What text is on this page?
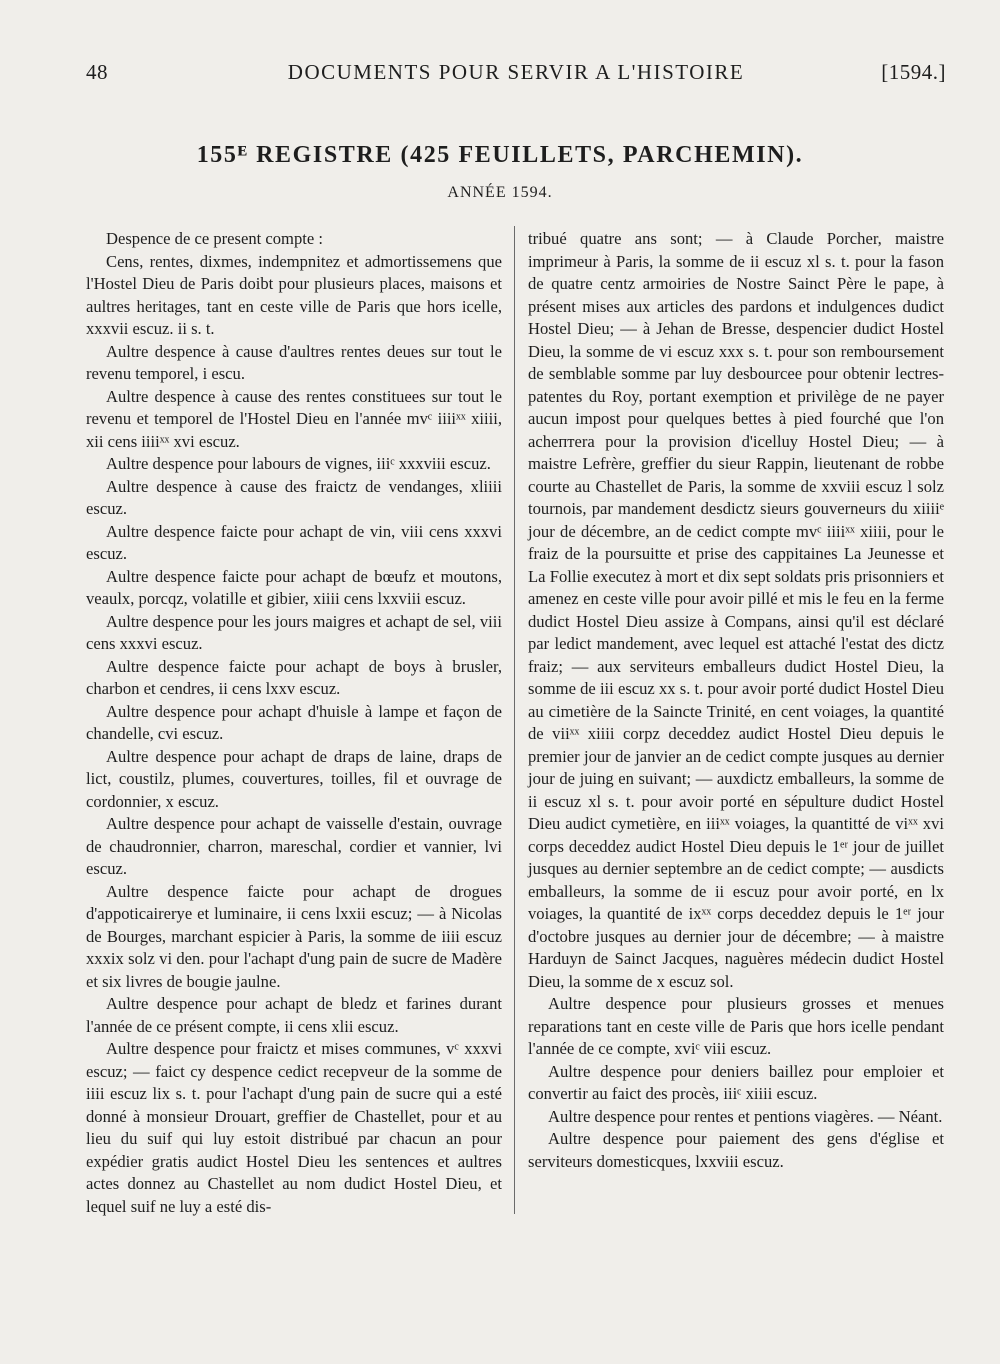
48	DOCUMENTS POUR SERVIR A L'HISTOIRE	[1594.]
155ᴱ REGISTRE (425 FEUILLETS, PARCHEMIN).
ANNÉE 1594.

Despence de ce present compte :

Cens, rentes, dixmes, indempnitez et admortissemens que l'Hostel Dieu de Paris doibt pour plusieurs places, maisons et aultres heritages, tant en ceste ville de Paris que hors icelle, xxxvii escuz. ii s. t.

Aultre despence à cause d'aultres rentes deues sur tout le revenu temporel, i escu.

Aultre despence à cause des rentes constituees sur tout le revenu et temporel de l'Hostel Dieu en l'année mvᶜ iiiiˣˣ xiiii, xii cens iiiiˣˣ xvi escuz.

Aultre despence pour labours de vignes, iiiᶜ xxxviii escuz.

Aultre despence à cause des fraictz de vendanges, xliiii escuz.

Aultre despence faicte pour achapt de vin, viii cens xxxvi escuz.

Aultre despence faicte pour achapt de bœufz et moutons, veaulx, porcqz, volatille et gibier, xiiii cens lxxviii escuz.

Aultre despence pour les jours maigres et achapt de sel, viii cens xxxvi escuz.

Aultre despence faicte pour achapt de boys à brusler, charbon et cendres, ii cens lxxv escuz.

Aultre despence pour achapt d'huisle à lampe et façon de chandelle, cvi escuz.

Aultre despence pour achapt de draps de laine, draps de lict, coustilz, plumes, couvertures, toilles, fil et ouvrage de cordonnier, x escuz.

Aultre despence pour achapt de vaisselle d'estain, ouvrage de chaudronnier, charron, mareschal, cordier et vannier, lvi escuz.

Aultre despence faicte pour achapt de drogues d'appoticaireryе et luminaire, ii cens lxxii escuz; — à Nicolas de Bourges, marchant espicier à Paris, la somme de iiii escuz xxxix solz vi den. pour l'achapt d'ung pain de sucre de Madère et six livres de bougie jaulne.

Aultre despence pour achapt de bledz et farines durant l'année de ce présent compte, ii cens xlii escuz.

Aultre despence pour fraictz et mises communes, vᶜ xxxvi escuz; — faict cy despence cedict recepveur de la somme de iiii escuz lix s. t. pour l'achapt d'ung pain de sucre qui a esté donné à monsieur Drouart, greffier de Chastellet, pour et au lieu du suif qui luy estoit distribué par chacun an pour expédier gratis audict Hostel Dieu les sentences et aultres actes donnez au Chastellet au nom dudict Hostel Dieu, et lequel suif ne luy a esté dis-

tribué quatre ans sont; — à Claude Porcher, maistre imprimeur à Paris, la somme de ii escuz xl s. t. pour la fason de quatre centz armoiries de Nostre Sainct Père le pape, à présent mises aux articles des pardons et indulgences dudict Hostel Dieu; — à Jehan de Bresse, despencier dudict Hostel Dieu, la somme de vi escuz xxx s. t. pour son remboursement de semblable somme par luy desbourcee pour obtenir lectres-patentes du Roy, portant exemption et privilège de ne payer aucun impost pour quelques bettes à pied fourché que l'on achептera pour la provision d'icelluy Hostel Dieu; — à maistre Lefrère, greffier du sieur Rappin, lieutenant de robbe courte au Chastellet de Paris, la somme de xxviii escuz l solz tournois, par mandement desdictz sieurs gouverneurs du xiiiiᵉ jour de décembre, an de cedict compte mvᶜ iiiiˣˣ xiiii, pour le fraiz de la poursuitte et prise des cappitaines La Jeunesse et La Follie executez à mort et dix sept soldats pris prisonniers et amenez en ceste ville pour avoir pillé et mis le feu en la ferme dudict Hostel Dieu assize à Compans, ainsi qu'il est déclaré par ledict mandement, avec lequel est attaché l'estat des dictz fraiz; — aux serviteurs emballeurs dudict Hostel Dieu, la somme de iii escuz xx s. t. pour avoir porté dudict Hostel Dieu au cimetière de la Saincte Trinité, en cent voiages, la quantité de viiˣˣ xiiii corpz deceddez audict Hostel Dieu depuis le premier jour de janvier an de cedict compte jusques au dernier jour de juing en suivant; — auxdictz emballeurs, la somme de ii escuz xl s. t. pour avoir porté en sépulture dudict Hostel Dieu audict cymetière, en iiiˣˣ voiages, la quantitté de viˣˣ xvi corps deceddez audict Hostel Dieu depuis le 1ᵉʳ jour de juillet jusques au dernier septembre an de cedict compte; — ausdicts emballeurs, la somme de ii escuz pour avoir porté, en lx voiages, la quantité de ixˣˣ corps deceddez depuis le 1ᵉʳ jour d'octobre jusques au dernier jour de décembre; — à maistre Harduyn de Sainct Jacques, naguères médecin dudict Hostel Dieu, la somme de x escuz sol.

Aultre despence pour plusieurs grosses et menues reparations tant en ceste ville de Paris que hors icelle pendant l'année de ce compte, xviᶜ viii escuz.

Aultre despence pour deniers baillez pour emploier et convertir au faict des procès, iiiᶜ xiiii escuz.

Aultre despence pour rentes et pentions viagères. — Néant.

Aultre despence pour paiement des gens d'église et serviteurs domesticques, lxxviii escuz.
